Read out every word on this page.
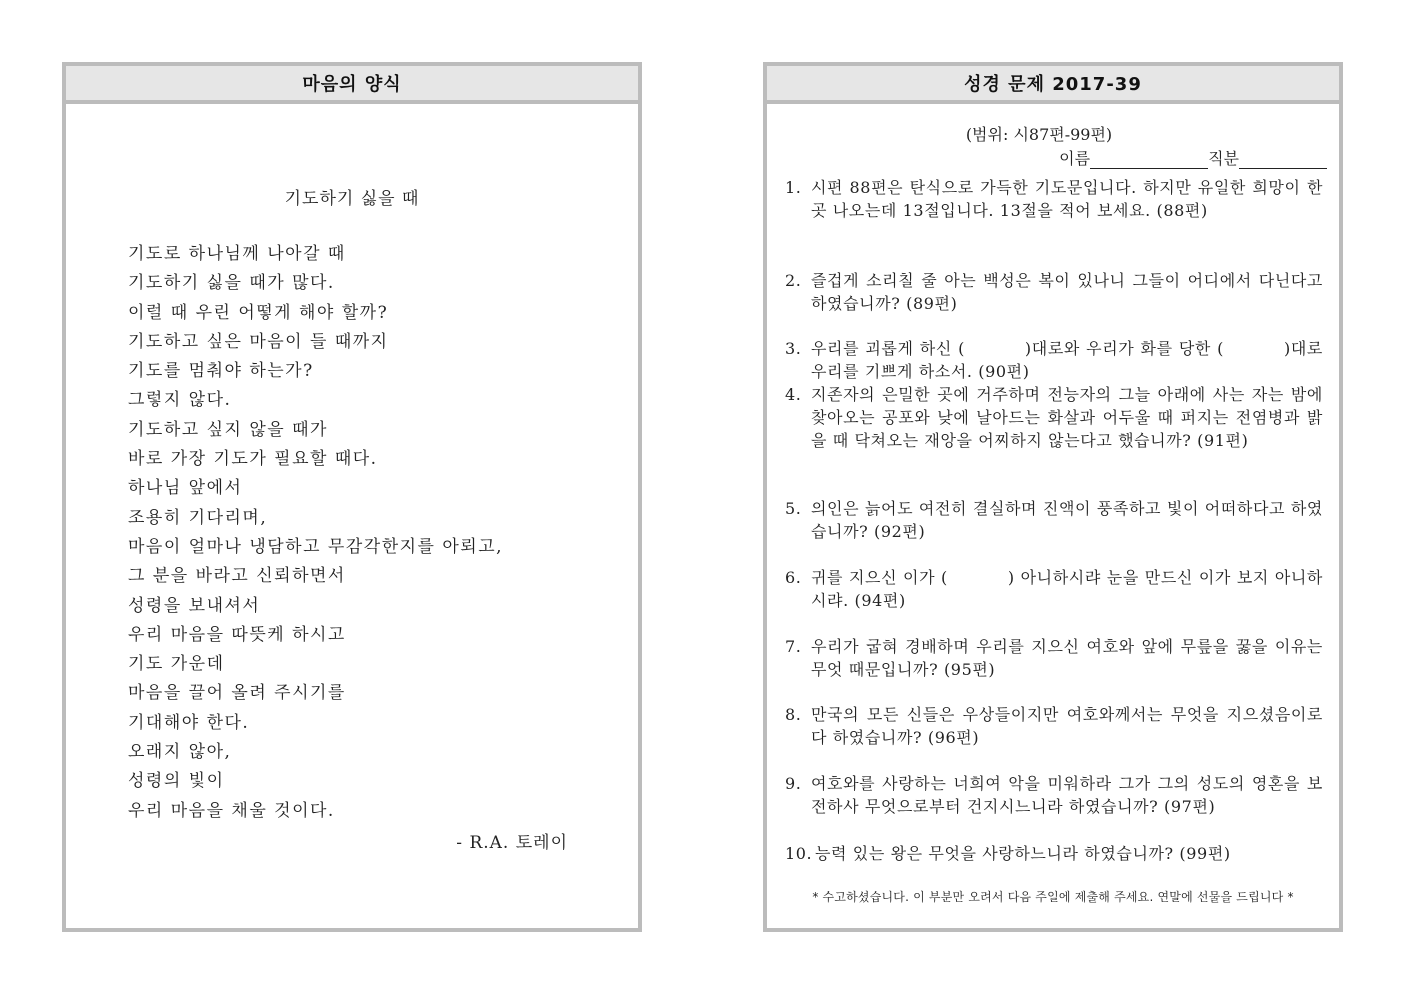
마음의 양식
기도하기 싫을 때
기도로 하나님께 나아갈 때
기도하기 싫을 때가 많다.
이럴 때 우린 어떻게 해야 할까?
기도하고 싶은 마음이 들 때까지
기도를 멈춰야 하는가?
그렇지 않다.
기도하고 싶지 않을 때가
바로 가장 기도가 필요할 때다.
하나님 앞에서
조용히 기다리며,
마음이 얼마나 냉담하고 무감각한지를 아뢰고,
그 분을 바라고 신뢰하면서
성령을 보내셔서
우리 마음을 따뜻케 하시고
기도 가운데
마음을 끌어 올려 주시기를
기대해야 한다.
오래지 않아,
성령의 빛이
우리 마음을 채울 것이다.
- R.A. 토레이
성경 문제 2017-39
(범위: 시87편-99편)
이름	직분
1. 시편 88편은 탄식으로 가득한 기도문입니다. 하지만 유일한 희망이 한 곳 나오는데 13절입니다. 13절을 적어 보세요. (88편)
2. 즐겁게 소리칠 줄 아는 백성은 복이 있나니 그들이 어디에서 다닌다고 하였습니까? (89편)
3. 우리를 괴롭게 하신 (	)대로와 우리가 화를 당한 (	)대로 우리를 기쁘게 하소서. (90편)
4. 지존자의 은밀한 곳에 거주하며 전능자의 그늘 아래에 사는 자는 밤에 찾아오는 공포와 낮에 날아드는 화살과 어두울 때 퍼지는 전염병과 밝을 때 닥쳐오는 재앙을 어찌하지 않는다고 했습니까? (91편)
5. 의인은 늙어도 여전히 결실하며 진액이 풍족하고 빛이 어떠하다고 하였습니까? (92편)
6. 귀를 지으신 이가 (	) 아니하시랴 눈을 만드신 이가 보지 아니하시랴. (94편)
7. 우리가 굽혀 경배하며 우리를 지으신 여호와 앞에 무릎을 꿇을 이유는 무엇 때문입니까? (95편)
8. 만국의 모든 신들은 우상들이지만 여호와께서는 무엇을 지으셨음이로다 하였습니까? (96편)
9. 여호와를 사랑하는 너희여 악을 미워하라 그가 그의 성도의 영혼을 보전하사 무엇으로부터 건지시느니라 하였습니까? (97편)
10. 능력 있는 왕은 무엇을 사랑하느니라 하였습니까? (99편)
* 수고하셨습니다. 이 부분만 오려서 다음 주일에 제출해 주세요. 연말에 선물을 드립니다 *
